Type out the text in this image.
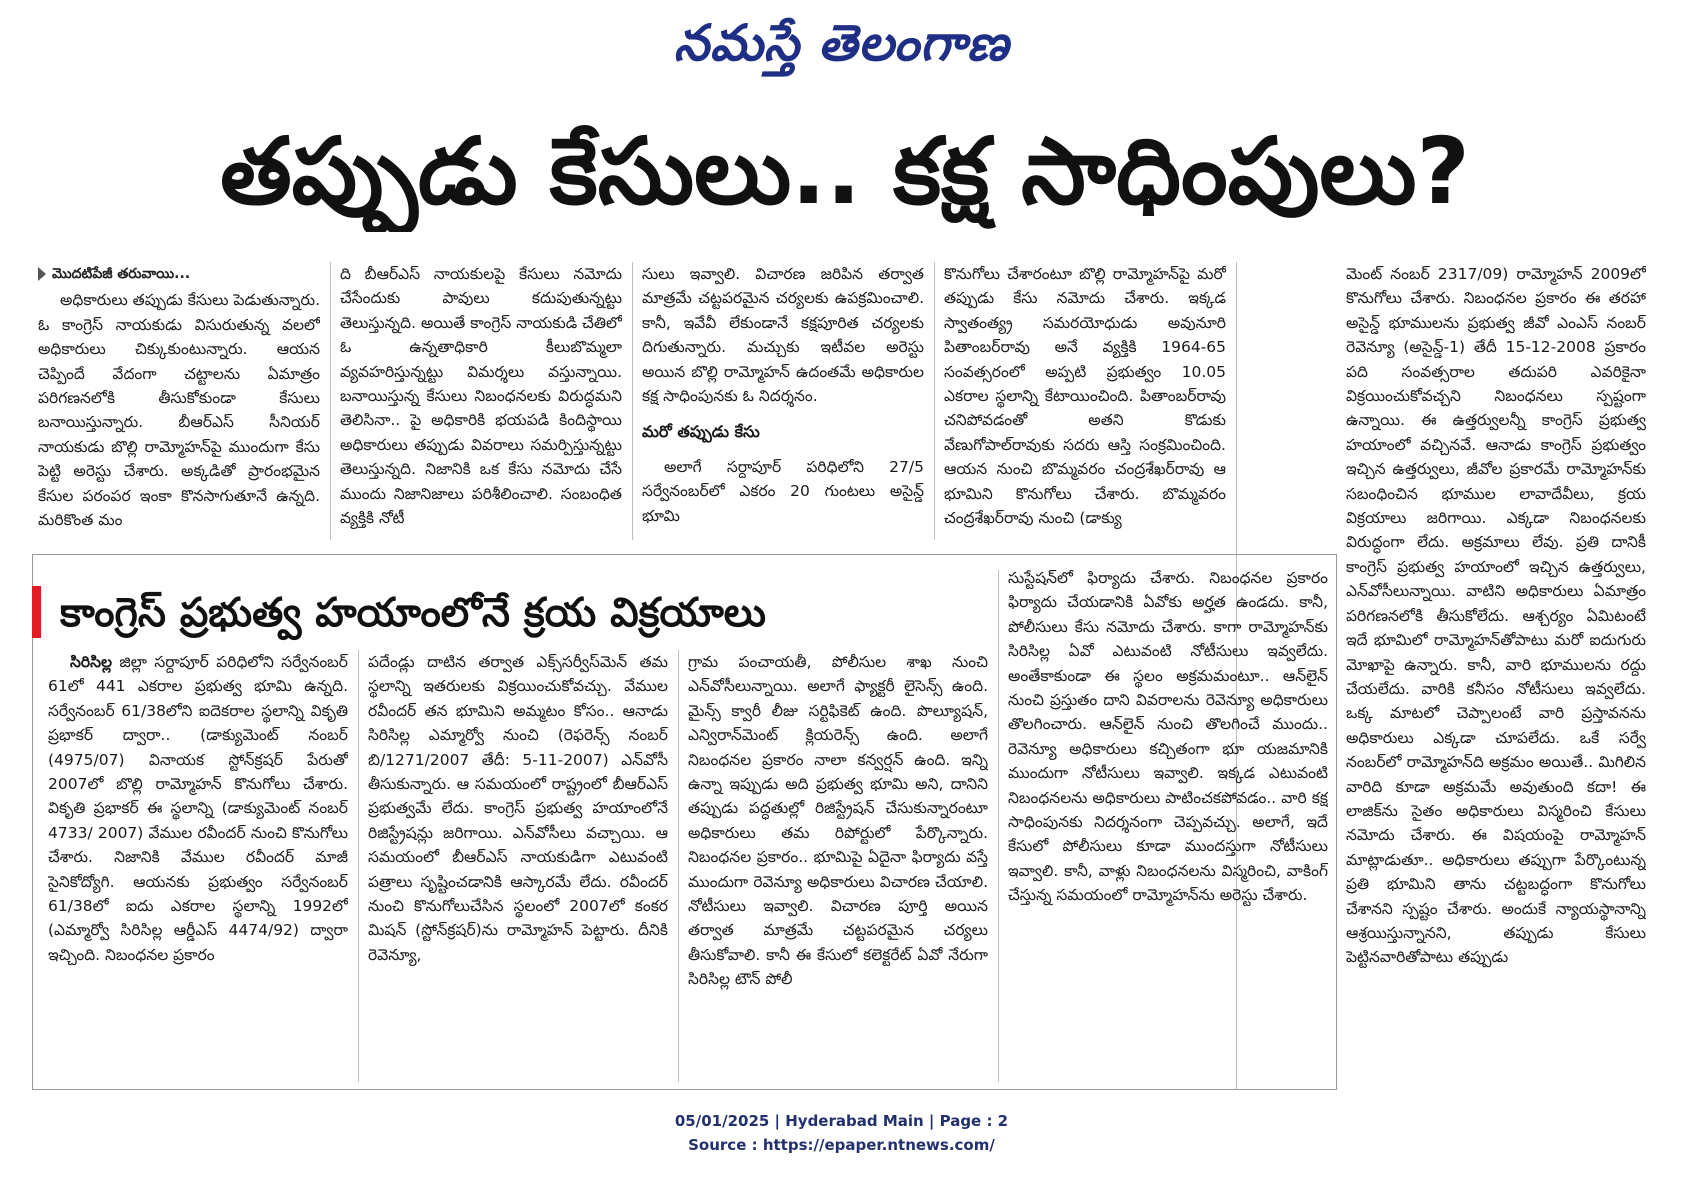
నమస్తే తెలంగాణ
తప్పుడు కేసులు.. కక్ష సాధింపులు?
మొదటిపేజీ తరువాయి...

అధికారులు తప్పుడు కేసులు పెడుతున్నారు. ఓ కాంగ్రెస్ నాయకుడు విసురుతున్న వలలో అధికారులు చిక్కుకుంటున్నారు. ఆయన చెప్పిందే వేదంగా చట్టాలను ఏమాత్రం పరిగణనలోకి తీసుకోకుండా కేసులు బనాయిస్తున్నారు. బీఆర్ఎస్ సీనియర్ నాయకుడు బొల్లి రామ్మోహన్‌పై ముందుగా కేసు పెట్టి అరెస్టు చేశారు. అక్కడితో ప్రారంభమైన కేసుల పరంపర ఇంకా కొనసాగుతూనే ఉన్నది. మరికొంత మం

ది బీఆర్ఎస్ నాయకులపై కేసులు నమోదు చేసేందుకు పావులు కదుపుతున్నట్టు తెలుస్తున్నది. అయితే కాంగ్రెస్ నాయకుడి చేతిలో ఓ ఉన్నతాధికారి కీలుబొమ్మలా వ్యవహరిస్తున్నట్టు విమర్శలు వస్తున్నాయి. బనాయిస్తున్న కేసులు నిబంధనలకు విరుద్ధమని తెలిసినా.. పై అధికారికి భయపడి కిందిస్థాయి అధికారులు తప్పుడు వివరాలు సమర్పిస్తున్నట్టు తెలుస్తున్నది. నిజానికి ఒక కేసు నమోదు చేసే ముందు నిజానిజాలు పరిశీలించాలి. సంబంధిత వ్యక్తికి నోటీ

సులు ఇవ్వాలి. విచారణ జరిపిన తర్వాత మాత్రమే చట్టపరమైన చర్యలకు ఉపక్రమించాలి. కానీ, ఇవేవీ లేకుండానే కక్షపూరిత చర్యలకు దిగుతున్నారు. మచ్చుకు ఇటీవల అరెస్టు అయిన బొల్లి రామ్మోహన్ ఉదంతమే అధికారుల కక్ష సాధింపునకు ఓ నిదర్శనం.

మరో తప్పుడు కేసు

అలాగే సర్దాపూర్ పరిధిలోని 27/5 సర్వేనంబర్‌లో ఎకరం 20 గుంటలు అసైన్డ్ భూమి

కొనుగోలు చేశారంటూ బొల్లి రామ్మోహన్‌పై మరో తప్పుడు కేసు నమోదు చేశారు. ఇక్కడ స్వాతంత్య్ర సమరయోధుడు అవునూరి పితాంబర్‌రావు అనే వ్యక్తికి 1964-65 సంవత్సరంలో అప్పటి ప్రభుత్వం 10.05 ఎకరాల స్థలాన్ని కేటాయించింది. పితాంబర్‌రావు చనిపోవడంతో అతని కొడుకు వేణుగోపాల్‌రావుకు సదరు ఆస్తి సంక్రమించింది. ఆయన నుంచి బొమ్మవరం చంద్రశేఖర్‌రావు ఆ భూమిని కొనుగోలు చేశారు. బొమ్మవరం చంద్రశేఖర్‌రావు నుంచి (డాక్యు

మెంట్ నంబర్ 2317/09) రామ్మోహన్ 2009లో కొనుగోలు చేశారు. నిబంధనల ప్రకారం ఈ తరహా అసైన్డ్ భూములను ప్రభుత్వ జీవో ఎంఎస్ నంబర్ రెవెన్యూ (అసైన్డ్-1) తేదీ 15-12-2008 ప్రకారం పది సంవత్సరాల తదుపరి ఎవరికైనా విక్రయించుకోవచ్చని నిబంధనలు స్పష్టంగా ఉన్నాయి. ఈ ఉత్తర్వులన్నీ కాంగ్రెస్ ప్రభుత్వ హయాంలో వచ్చినవే. ఆనాడు కాంగ్రెస్ ప్రభుత్వం ఇచ్చిన ఉత్తర్వులు, జీవోల ప్రకారమే రామ్మోహన్‌కు సబంధించిన భూముల లావాదేవీలు, క్రయ విక్రయాలు జరిగాయి. ఎక్కడా నిబంధనలకు విరుద్ధంగా లేదు. అక్రమాలు లేవు. ప్రతి దానికీ కాంగ్రెస్ ప్రభుత్వ హయాంలో ఇచ్చిన ఉత్తర్వులు, ఎన్‌వోసీలున్నాయి. వాటిని అధికారులు ఏమాత్రం పరిగణనలోకి తీసుకోలేదు. ఆశ్చర్యం ఏమిటంటే ఇదే భూమిలో రామ్మోహన్‌తోపాటు మరో ఐదుగురు మోఖాపై ఉన్నారు. కానీ, వారి భూములను రద్దు చేయలేదు. వారికి కనీసం నోటీసులు ఇవ్వలేదు. ఒక్క మాటలో చెప్పాలంటే వారి ప్రస్తావనను అధికారులు ఎక్కడా చూపలేదు. ఒకే సర్వే నంబర్‌లో రామ్మోహన్‌ది అక్రమం అయితే.. మిగిలిన వారిది కూడా అక్రమమే అవుతుంది కదా! ఈ లాజిక్‌ను సైతం అధికారులు విస్మరించి కేసులు నమోదు చేశారు. ఈ విషయంపై రామ్మోహన్ మాట్లాడుతూ.. అధికారులు తప్పుగా పేర్కొంటున్న ప్రతి భూమిని తాను చట్టబద్ధంగా కొనుగోలు చేశానని స్పష్టం చేశారు. అందుకే న్యాయస్థానాన్ని ఆశ్రయిస్తున్నానని, తప్పుడు కేసులు పెట్టినవారితోపాటు తప్పుడు

కాంగ్రెస్ ప్రభుత్వ హయాంలోనే క్రయ విక్రయాలు

సిరిసిల్ల జిల్లా సర్దాపూర్ పరిధిలోని సర్వేనంబర్ 61లో 441 ఎకరాల ప్రభుత్వ భూమి ఉన్నది. సర్వేనంబర్ 61/38లోని ఐదెకరాల స్థలాన్ని వికృతి ప్రభాకర్ ద్వారా.. (డాక్యుమెంట్ నంబర్ (4975/07) వినాయక స్టోన్‌క్రషర్ పేరుతో 2007లో బొల్లి రామ్మోహన్ కొనుగోలు చేశారు. వికృతి ప్రభాకర్ ఈ స్థలాన్ని (డాక్యుమెంట్ నంబర్ 4733/ 2007) వేముల రవీందర్ నుంచి కొనుగోలు చేశారు. నిజానికి వేముల రవీందర్ మాజీ సైనికోద్యోగి. ఆయనకు ప్రభుత్వం సర్వేనంబర్ 61/38లో ఐదు ఎకరాల స్థలాన్ని 1992లో (ఎమ్మార్వో సిరిసిల్ల ఆర్డీఎస్ 4474/92) ద్వారా ఇచ్చింది. నిబంధనల ప్రకారం

పదేండ్లు దాటిన తర్వాత ఎక్స్‌సర్వీస్‌మెన్ తమ స్థలాన్ని ఇతరులకు విక్రయించుకోవచ్చు. వేముల రవీందర్ తన భూమిని అమ్మటం కోసం.. ఆనాడు సిరిసిల్ల ఎమ్మార్వో నుంచి (రెఫరెన్స్ నంబర్ బి/1271/2007 తేదీ: 5-11-2007) ఎన్‌వోసీ తీసుకున్నారు. ఆ సమయంలో రాష్ట్రంలో బీఆర్ఎస్ ప్రభుత్వమే లేదు. కాంగ్రెస్ ప్రభుత్వ హయాంలోనే రిజిస్ట్రేషన్లు జరిగాయి. ఎన్‌వోసీలు వచ్చాయి. ఆ సమయంలో బీఆర్ఎస్ నాయకుడిగా ఎటువంటి పత్రాలు సృష్టించడానికి ఆస్కారమే లేదు. రవీందర్ నుంచి కొనుగోలుచేసిన స్థలంలో 2007లో కంకర మిషన్ (స్టోన్‌క్రషర్)ను రామ్మోహన్ పెట్టారు. దీనికి రెవెన్యూ,

గ్రామ పంచాయతీ, పోలీసుల శాఖ నుంచి ఎన్‌వోసీలున్నాయి. అలాగే ఫ్యాక్టరీ లైసెన్స్ ఉంది. మైన్స్ క్వారీ లీజు సర్టిఫికెట్ ఉంది. పొల్యూషన్, ఎన్విరాన్‌మెంట్ క్లియరెన్స్ ఉంది. అలాగే నిబంధనల ప్రకారం నాలా కన్వర్షన్ ఉంది. ఇన్ని ఉన్నా ఇప్పుడు అది ప్రభుత్వ భూమి అని, దానిని తప్పుడు పద్ధతుల్లో రిజిస్ట్రేషన్ చేసుకున్నారంటూ అధికారులు తమ రిపోర్టులో పేర్కొన్నారు. నిబంధనల ప్రకారం.. భూమిపై ఏదైనా ఫిర్యాదు వస్తే ముందుగా రెవెన్యూ అధికారులు విచారణ చేయాలి. నోటీసులు ఇవ్వాలి. విచారణ పూర్తి అయిన తర్వాత మాత్రమే చట్టపరమైన చర్యలు తీసుకోవాలి. కానీ ఈ కేసులో కలెక్టరేట్ ఏవో నేరుగా సిరిసిల్ల టౌన్ పోలీ

సుస్టేషన్‌లో ఫిర్యాదు చేశారు. నిబంధనల ప్రకారం ఫిర్యాదు చేయడానికి ఏవోకు అర్హత ఉండదు. కానీ, పోలీసులు కేసు నమోదు చేశారు. కాగా రామ్మోహన్‌కు సిరిసిల్ల ఏవో ఎటువంటి నోటీసులు ఇవ్వలేదు. అంతేకాకుండా ఈ స్థలం అక్రమమంటూ.. ఆన్‌లైన్ నుంచి ప్రస్తుతం దాని వివరాలను రెవెన్యూ అధికారులు తొలగించారు. ఆన్‌లైన్ నుంచి తొలగించే ముందు.. రెవెన్యూ అధికారులు కచ్చితంగా భూ యజమానికి ముందుగా నోటీసులు ఇవ్వాలి. ఇక్కడ ఎటువంటి నిబంధనలను అధికారులు పాటించకపోవడం.. వారి కక్ష సాధింపునకు నిదర్శనంగా చెప్పవచ్చు. అలాగే, ఇదే కేసులో పోలీసులు కూడా ముందస్తుగా నోటీసులు ఇవ్వాలి. కానీ, వాళ్లు నిబంధనలను విస్మరించి, వాకింగ్ చేస్తున్న సమయంలో రామ్మోహన్‌ను అరెస్టు చేశారు.

05/01/2025 | Hyderabad Main | Page : 2
Source : https://epaper.ntnews.com/
